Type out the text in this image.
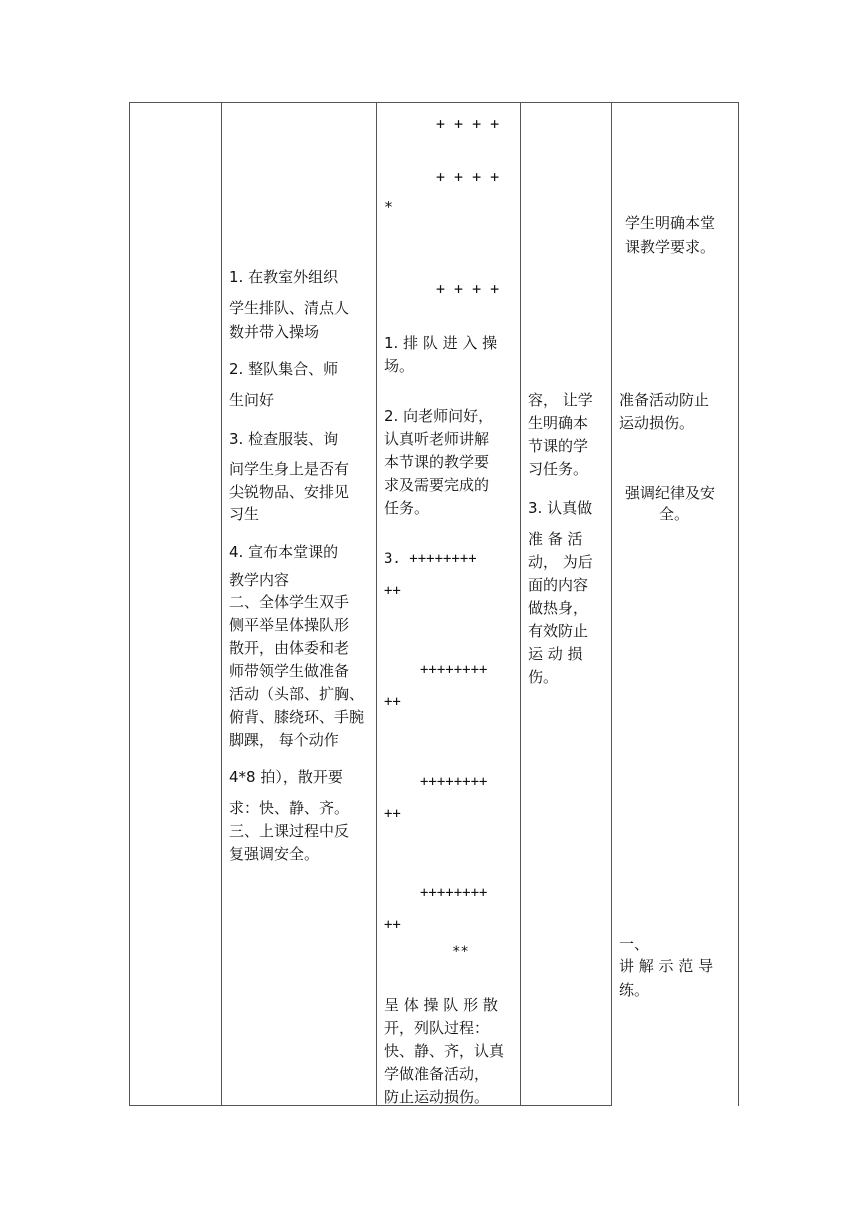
1. 在教室外组织
学生排队、清点人
数并带入操场
2. 整队集合、师
生问好
3. 检查服装、询
问学生身上是否有
尖锐物品、安排见
习生
4. 宣布本堂课的
教学内容
二、全体学生双手
侧平举呈体操队形
散开，由体委和老
师带领学生做准备
活动（头部、扩胸、
俯背、膝绕环、手腕
脚踝， 每个动作
4*8 拍），散开要
求：快、静、齐。
三、上课过程中反
复强调安全。
+ + + +
+ + + +
*
+ + + +
1. 排 队 进 入 操
场。
2. 向老师问好，
认真听老师讲解
本节课的教学要
求及需要完成的
任务。
3. ++++++++
++
++++++++
++
++++++++
++
++++++++
++
**
呈 体 操 队 形 散
开，列队过程：
快、静、齐，认真
学做准备活动，
防止运动损伤。
容， 让学
生明确本
节课的学
习任务。
3. 认真做
准 备 活
动， 为后
面的内容
做热身，
有效防止
运 动 损
伤。
学生明确本堂
课教学要求。
准备活动防止
运动损伤。
强调纪律及安
全。
一、
讲 解 示 范 导
练。
